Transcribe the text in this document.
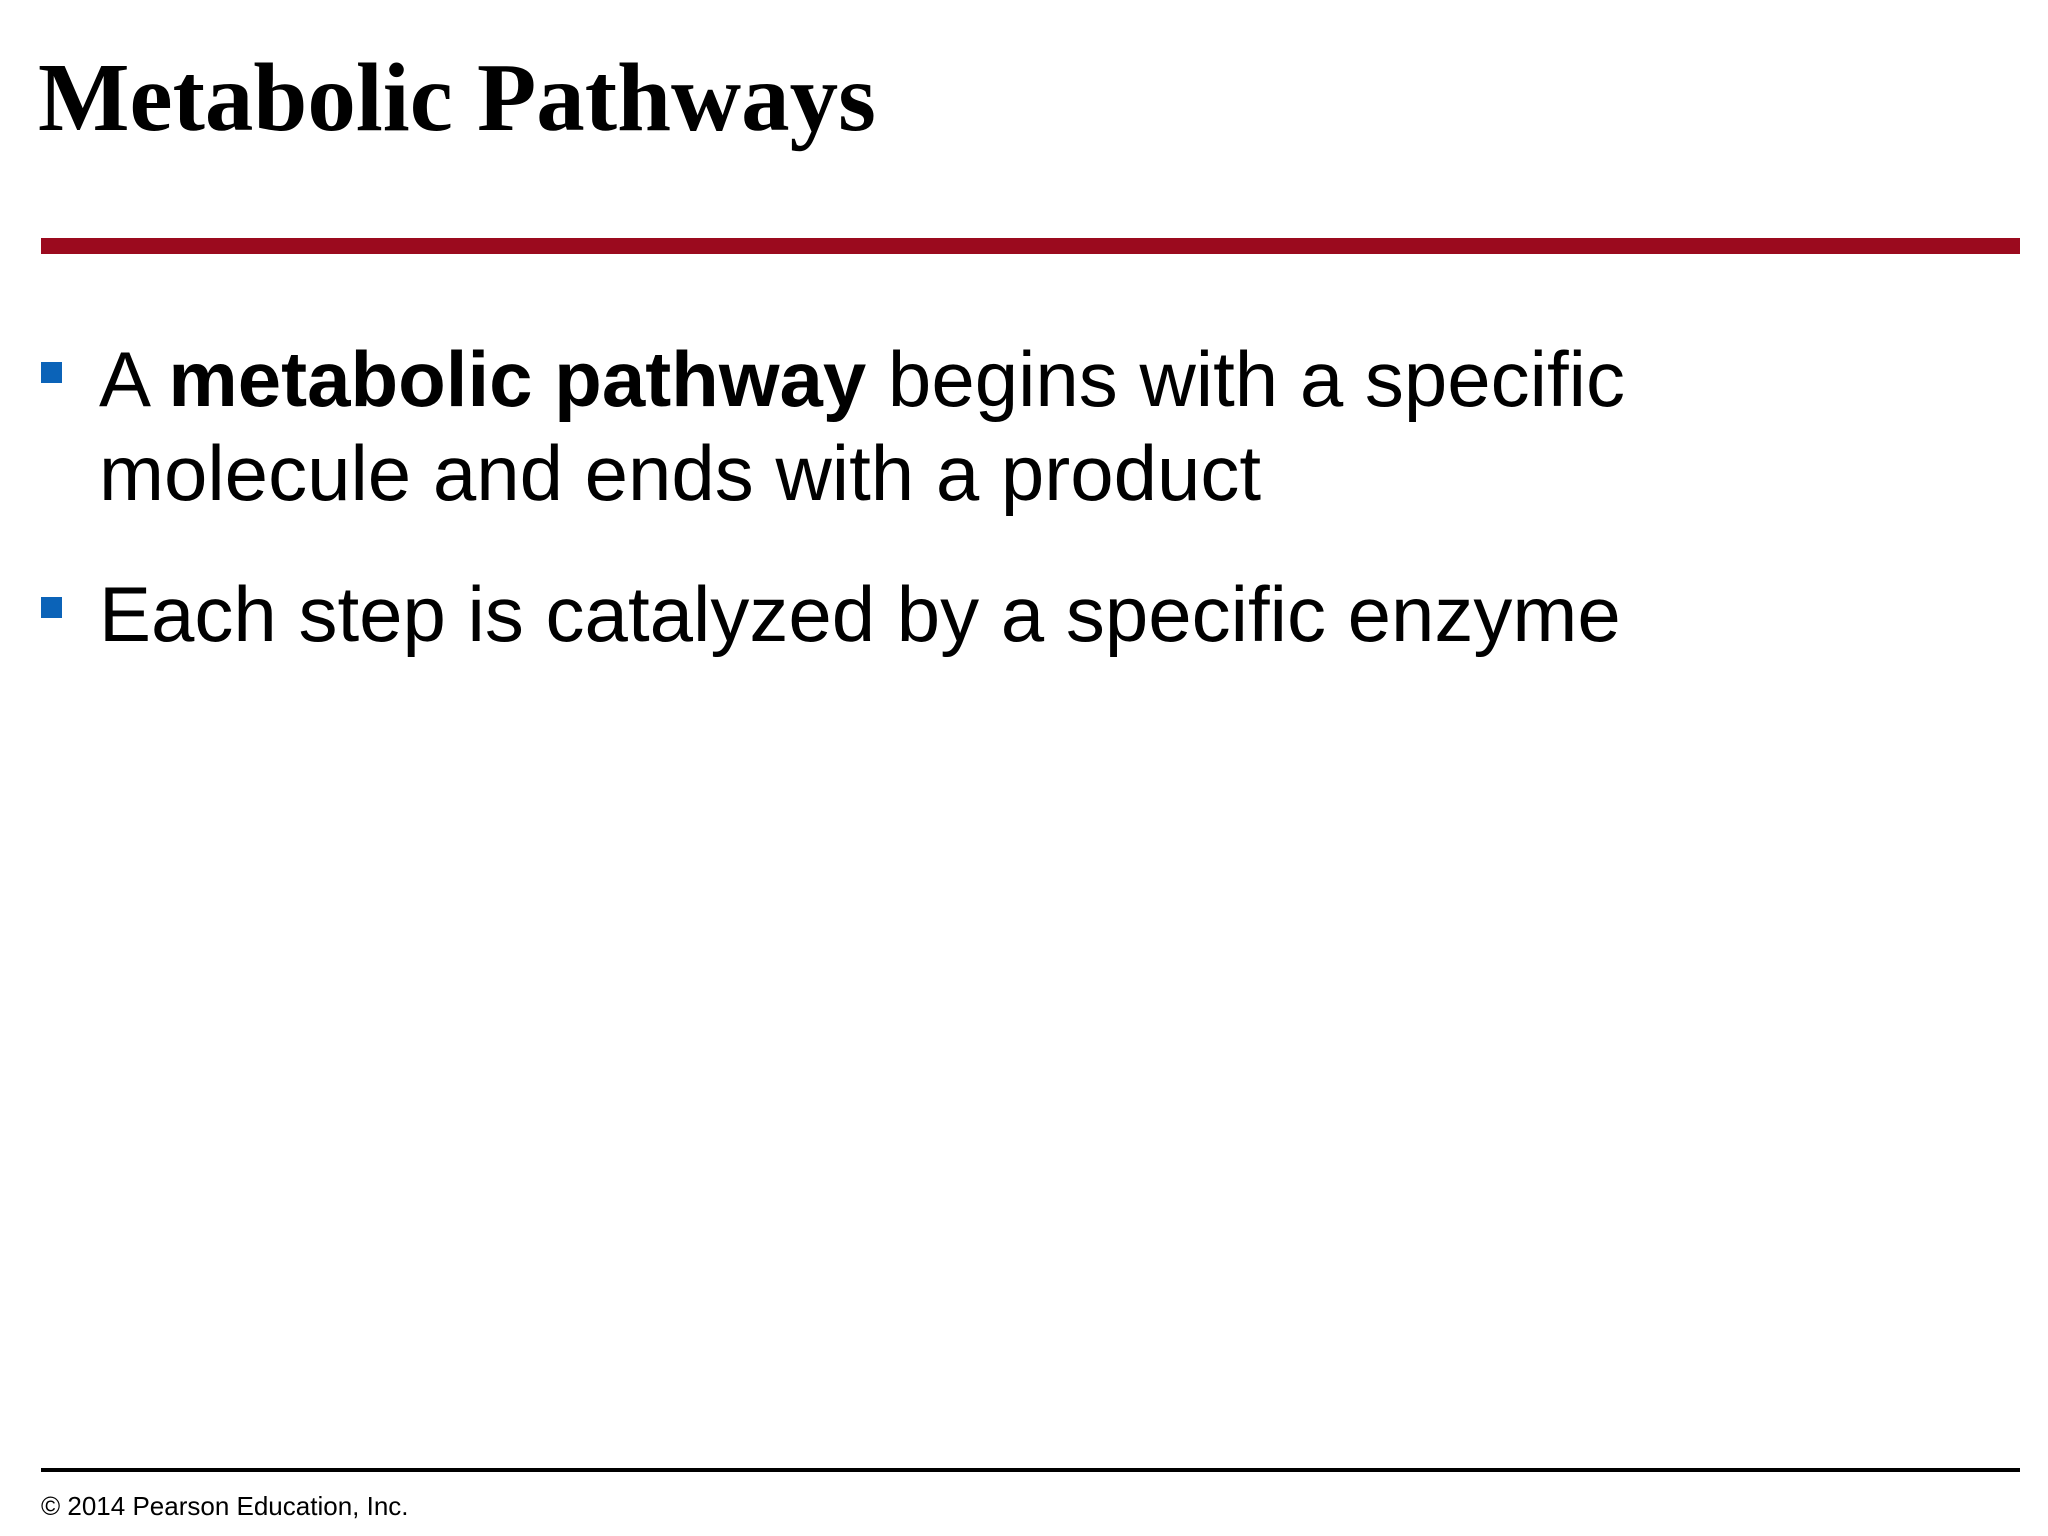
Metabolic Pathways
A metabolic pathway begins with a specific
molecule and ends with a product
Each step is catalyzed by a specific enzyme
© 2014 Pearson Education, Inc.
